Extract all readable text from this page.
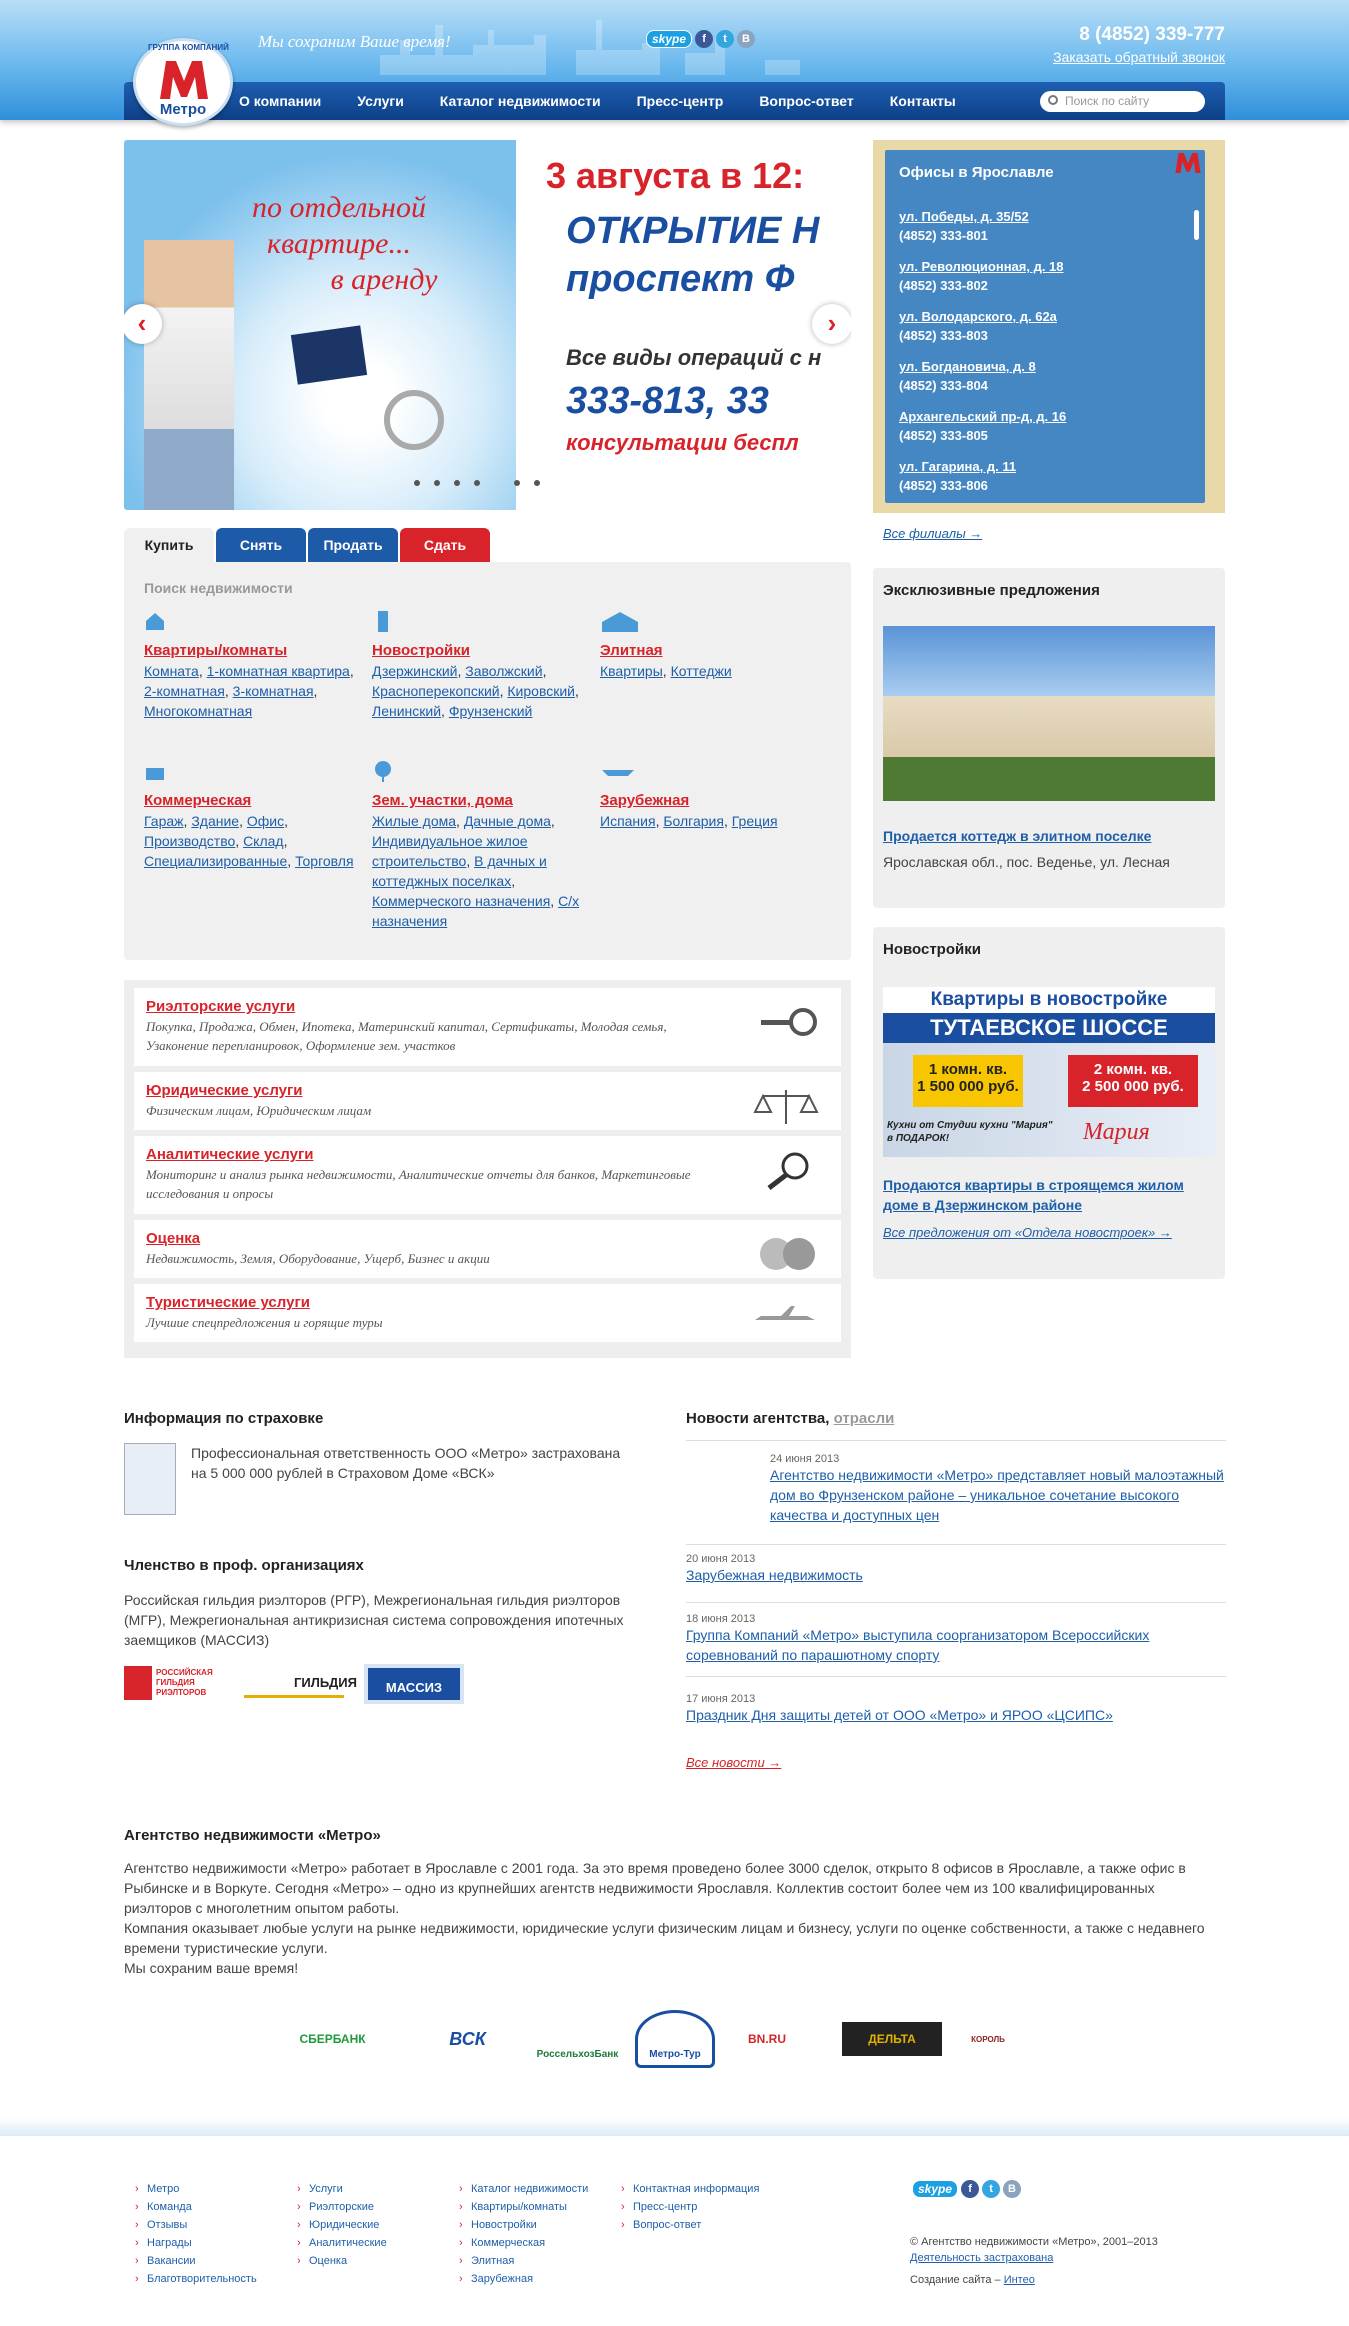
ГРУППА КОМПАНИЙ
Метро
Мы сохраним Ваше время!	skype	f	t	B	8 (4852) 339-777
Заказать обратный звонок
О компании	Услуги	Каталог недвижимости	Пресс-центр	Вопрос-ответ	Контакты	Поиск по сайту
по отдельной
квартире...
в аренду
3 августа в 12:
ОТКРЫТИЕ Н
проспект Ф
Все виды операций с н
333-813, 33
консультации беспл
‹	›
Офисы в Ярославле
ул. Победы, д. 35/52
(4852) 333-801
ул. Революционная, д. 18
(4852) 333-802
ул. Володарского, д. 62а
(4852) 333-803
ул. Богдановича, д. 8
(4852) 333-804
Архангельский пр-д, д. 16
(4852) 333-805
ул. Гагарина, д. 11
(4852) 333-806
Все филиалы →
Купить	Снять	Продать	Сдать
Поиск недвижимости
Квартиры/комнаты
Комната, 1-комнатная квартира, 2-комнатная, 3-комнатная, Многокомнатная
Новостройки
Дзержинский, Заволжский, Красноперекопский, Кировский, Ленинский, Фрунзенский
Элитная
Квартиры, Коттеджи
Коммерческая
Гараж, Здание, Офис, Производство, Склад, Специализированные, Торговля
Зем. участки, дома
Жилые дома, Дачные дома, Индивидуальное жилое строительство, В дачных и коттеджных поселках, Коммерческого назначения, С/х назначения
Зарубежная
Испания, Болгария, Греция
Риэлторские услуги
Покупка, Продажа, Обмен, Ипотека, Материнский капитал, Сертификаты, Молодая семья, Узаконение перепланировок, Оформление зем. участков
Юридические услуги
Физическим лицам, Юридическим лицам
Аналитические услуги
Мониторинг и анализ рынка недвижимости, Аналитические отчеты для банков, Маркетинговые исследования и опросы
Оценка
Недвижимость, Земля, Оборудование, Ущерб, Бизнес и акции
Туристические услуги
Лучшие спецпредложения и горящие туры
Эксклюзивные предложения
Продается коттедж в элитном поселке
Ярославская обл., пос. Веденье, ул. Лесная
Новостройки
Квартиры в новостройке
ТУТАЕВСКОЕ ШОССЕ
1 комн. кв.
1 500 000 руб.
2 комн. кв.
2 500 000 руб.
Кухни от Студии кухни "Мария" в ПОДАРОК!	Мария
Продаются квартиры в строящемся жилом доме в Дзержинском районе
Все предложения от «Отдела новостроек» →
Информация по страховке
Профессиональная ответственность ООО «Метро» застрахована на 5 000 000 рублей в Страховом Доме «ВСК»
Членство в проф. организациях
Российская гильдия риэлторов (РГР), Межрегиональная гильдия риэлторов (МГР), Межрегиональная антикризисная система сопровождения ипотечных заемщиков (МАССИЗ)
РОССИЙСКАЯ ГИЛЬДИЯ РИЭЛТОРОВ
ГИЛЬДИЯ	МАССИЗ
Новости агентства, отрасли
24 июня 2013
Агентство недвижимости «Метро» представляет новый малоэтажный дом во Фрунзенском районе – уникальное сочетание высокого качества и доступных цен
20 июня 2013
Зарубежная недвижимость
18 июня 2013
Группа Компаний «Метро» выступила соорганизатором Всероссийских соревнований по парашютному спорту
17 июня 2013
Праздник Дня защиты детей от ООО «Метро» и ЯРОО «ЦСИПС»
Все новости →
Агентство недвижимости «Метро»
Агентство недвижимости «Метро» работает в Ярославле с 2001 года. За это время проведено более 3000 сделок, открыто 8 офисов в Ярославле, а также офис в Рыбинске и в Воркуте. Сегодня «Метро» – одно из крупнейших агентств недвижимости Ярославля. Коллектив состоит более чем из 100 квалифицированных риэлторов с многолетним опытом работы.
Компания оказывает любые услуги на рынке недвижимости, юридические услуги физическим лицам и бизнесу, услуги по оценке собственности, а также с недавнего времени туристические услуги.
Мы сохраним ваше время!
СБЕРБАНК	ВСК
РоссельхозБанк	Метро-Тур
BN.RU	ДЕЛЬТА	КОРОЛЬ
› Метро
› Команда
› Отзывы
› Награды
› Вакансии
› Благотворительность
› Услуги
› Риэлторские
› Юридические
› Аналитические
› Оценка
› Каталог недвижимости
› Квартиры/комнаты
› Новостройки
› Коммерческая
› Элитная
› Зарубежная
› Контактная информация
› Пресс-центр
› Вопрос-ответ
skype	f	t	B
© Агентство недвижимости «Метро», 2001–2013
Деятельность застрахована
Создание сайта – Интео
